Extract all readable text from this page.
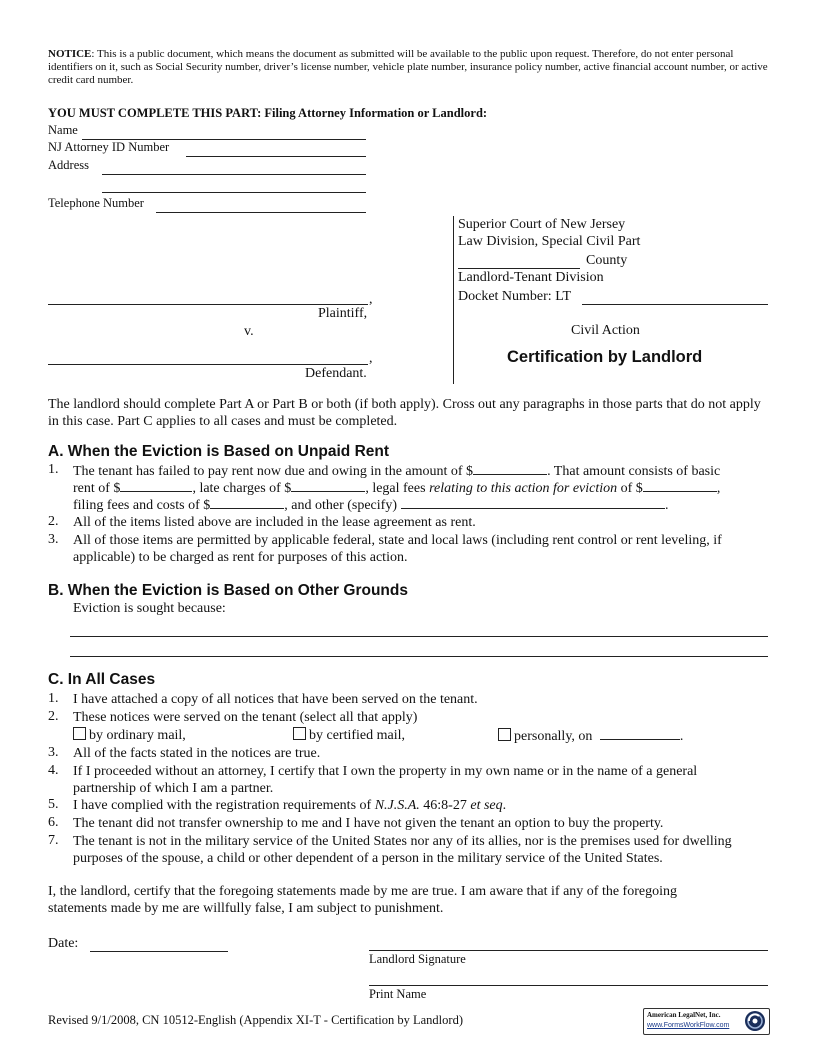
NOTICE: This is a public document, which means the document as submitted will be available to the public upon request. Therefore, do not enter personal identifiers on it, such as Social Security number, driver’s license number, vehicle plate number, insurance policy number, active financial account number, or active credit card number.
YOU MUST COMPLETE THIS PART: Filing Attorney Information or Landlord:
Name
NJ Attorney ID Number
Address
Telephone Number
,
Plaintiff,
v.
,
Defendant.
Superior Court of New Jersey
Law Division, Special Civil Part
County
Landlord-Tenant Division
Docket Number: LT
Civil Action
Certification by Landlord
The landlord should complete Part A or Part B or both (if both apply). Cross out any paragraphs in those parts that do not apply in this case. Part C applies to all cases and must be completed.
A. When the Eviction is Based on Unpaid Rent
1.	The tenant has failed to pay rent now due and owing in the amount of $	. That amount consists of basic
rent of $	, late charges of $	, legal fees relating to this action for eviction of $	,
filing fees and costs of $	, and other (specify)	.
2.	All of the items listed above are included in the lease agreement as rent.
3.	All of those items are permitted by applicable federal, state and local laws (including rent control or rent leveling, if applicable) to be charged as rent for purposes of this action.
B. When the Eviction is Based on Other Grounds
Eviction is sought because:
C. In All Cases
1.	I have attached a copy of all notices that have been served on the tenant.
2.	These notices were served on the tenant (select all that apply)
by ordinary mail,	by certified mail,	personally, on	.
3.	All of the facts stated in the notices are true.
4.	If I proceeded without an attorney, I certify that I own the property in my own name or in the name of a general partnership of which I am a partner.
5.	I have complied with the registration requirements of N.J.S.A. 46:8-27 et seq.
6.	The tenant did not transfer ownership to me and I have not given the tenant an option to buy the property.
7.	The tenant is not in the military service of the United States nor any of its allies, nor is the premises used for dwelling purposes of the spouse, a child or other dependent of a person in the military service of the United States.
I, the landlord, certify that the foregoing statements made by me are true. I am aware that if any of the foregoing statements made by me are willfully false, I am subject to punishment.
Date:
Landlord Signature
Print Name
Revised 9/1/2008, CN 10512-English (Appendix XI-T - Certification by Landlord)	American LegalNet, Inc.
www.FormsWorkFlow.com
